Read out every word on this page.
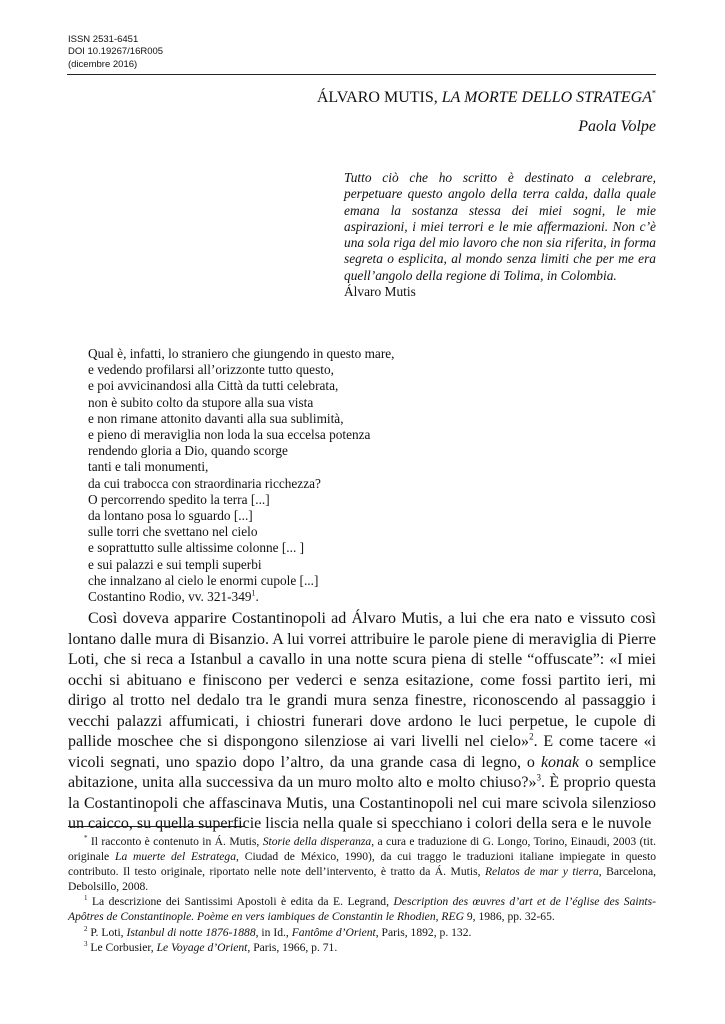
ISSN 2531-6451
DOI 10.19267/16R005
(dicembre 2016)
ÁLVARO MUTIS, LA MORTE DELLO STRATEGA*
Paola Volpe
Tutto ciò che ho scritto è destinato a celebrare, perpetuare questo angolo della terra calda, dalla quale emana la sostanza stessa dei miei sogni, le mie aspirazioni, i miei terrori e le mie affermazioni. Non c’è una sola riga del mio lavoro che non sia riferita, in forma segreta o esplicita, al mondo senza limiti che per me era quell’angolo della regione di Tolima, in Colombia.
Álvaro Mutis
Qual è, infatti, lo straniero che giungendo in questo mare,
e vedendo profilarsi all’orizzonte tutto questo,
e poi avvicinandosi alla Città da tutti celebrata,
non è subito colto da stupore alla sua vista
e non rimane attonito davanti alla sua sublimità,
e pieno di meraviglia non loda la sua eccelsa potenza
rendendo gloria a Dio, quando scorge
tanti e tali monumenti,
da cui trabocca con straordinaria ricchezza?
O percorrendo spedito la terra [...]
da lontano posa lo sguardo [...]
sulle torri che svettano nel cielo
e soprattutto sulle altissime colonne [... ]
e sui palazzi e sui templi superbi
che innalzano al cielo le enormi cupole [...]
Costantino Rodio, vv. $321-349^1$.

Così doveva apparire Costantinopoli ad Álvaro Mutis, a lui che era nato e vissuto così lontano dalle mura di Bisanzio. A lui vorrei attribuire le parole piene di meraviglia di Pierre Loti, che si reca a Istanbul a cavallo in una notte scura piena di stelle “offuscate”: «I miei occhi si abituano e finiscono per vederci e senza esitazione, come fossi partito ieri, mi dirigo al trotto nel dedalo tra le grandi mura senza finestre, riconoscendo al passaggio i vecchi palazzi affumicati, i chiostri funerari dove ardono le luci perpetue, le cupole di pallide moschee che si dispongono silenziose ai vari livelli nel cielo»$^2$. E come tacere «i vicoli segnati, uno spazio dopo l’altro, da una grande casa di legno, o konak o semplice abitazione, unita alla successiva da un muro molto alto e molto chiuso?»$^3$. È proprio questa la Costantinopoli che affascinava Mutis, una Costantinopoli nel cui mare scivola silenzioso un caicco, su quella superficie liscia nella quale si specchiano i colori della sera e le nuvole

* Il racconto è contenuto in Á. Mutis, Storie della disperanza, a cura e traduzione di G. Longo, Torino, Einaudi, 2003 (tit. originale La muerte del Estratega, Ciudad de México, 1990), da cui traggo le traduzioni italiane impiegate in questo contributo. Il testo originale, riportato nelle note dell’intervento, è tratto da Á. Mutis, Relatos de mar y tierra, Barcelona, Debolsillo, 2008.

$^1$ La descrizione dei Santissimi Apostoli è edita da E. Legrand, Description des œuvres d’art et de l’église des Saints-Apôtres de Constantinople. Poème en vers iambiques de Constantin le Rhodien, REG 9, 1986, pp. 32-65.

$^2$ P. Loti, Istanbul di notte 1876-1888, in Id., Fantôme d’Orient, Paris, 1892, p. 132.

$^3$ Le Corbusier, Le Voyage d’Orient, Paris, 1966, p. 71.
